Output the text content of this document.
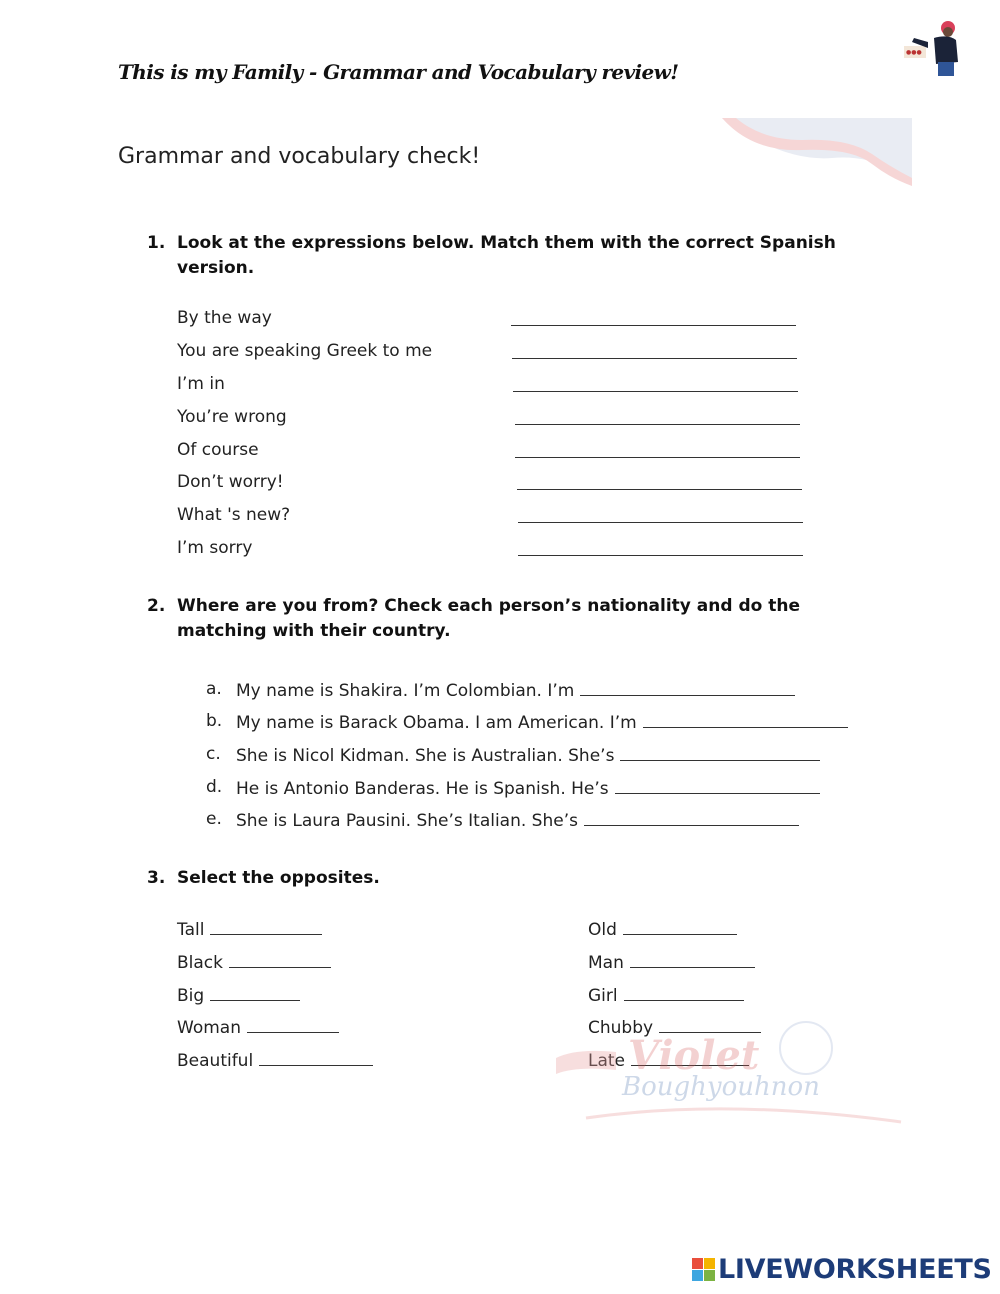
This is my Family - Grammar and Vocabulary review!
●●●
Grammar and vocabulary check!
1. Look at the expressions below. Match them with the correct Spanish version.
By the way
You are speaking Greek to me
I’m in
You’re wrong
Of course
Don’t worry!
What 's new?
I’m sorry
2. Where are you from? Check each person’s nationality and do the matching with their country.
a. My name is Shakira. I’m Colombian. I’m
b. My name is Barack Obama. I am American. I’m
c. She is Nicol Kidman. She is Australian. She’s
d. He is Antonio Banderas. He is Spanish. He’s
e. She is Laura Pausini. She’s Italian. She’s
3. Select the opposites.
Tall
Black
Big
Woman
Beautiful
Old
Man
Girl
Chubby
Late Violet
Boughyouhnon
LIVEWORKSHEETS
